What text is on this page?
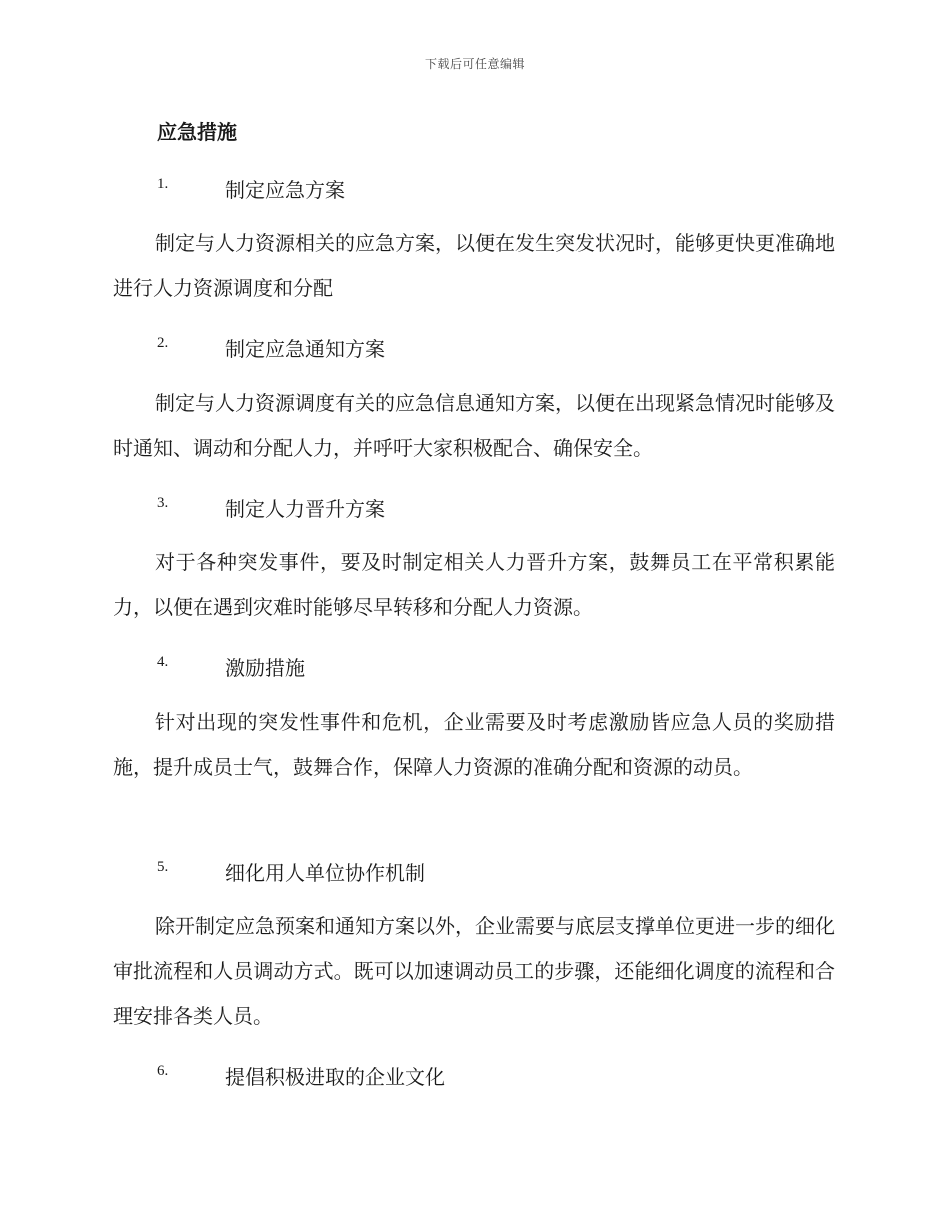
下载后可任意编辑
应急措施
1.	制定应急方案
制定与人力资源相关的应急方案，以便在发生突发状况时，能够更快更准确地进行人力资源调度和分配
2.	制定应急通知方案
制定与人力资源调度有关的应急信息通知方案，以便在出现紧急情况时能够及时通知、调动和分配人力，并呼吁大家积极配合、确保安全。
3.	制定人力晋升方案
对于各种突发事件，要及时制定相关人力晋升方案，鼓舞员工在平常积累能力，以便在遇到灾难时能够尽早转移和分配人力资源。
4.	激励措施
针对出现的突发性事件和危机，企业需要及时考虑激励皆应急人员的奖励措施，提升成员士气，鼓舞合作，保障人力资源的准确分配和资源的动员。
5.	细化用人单位协作机制
除开制定应急预案和通知方案以外，企业需要与底层支撑单位更进一步的细化审批流程和人员调动方式。既可以加速调动员工的步骤，还能细化调度的流程和合理安排各类人员。
6.	提倡积极进取的企业文化
